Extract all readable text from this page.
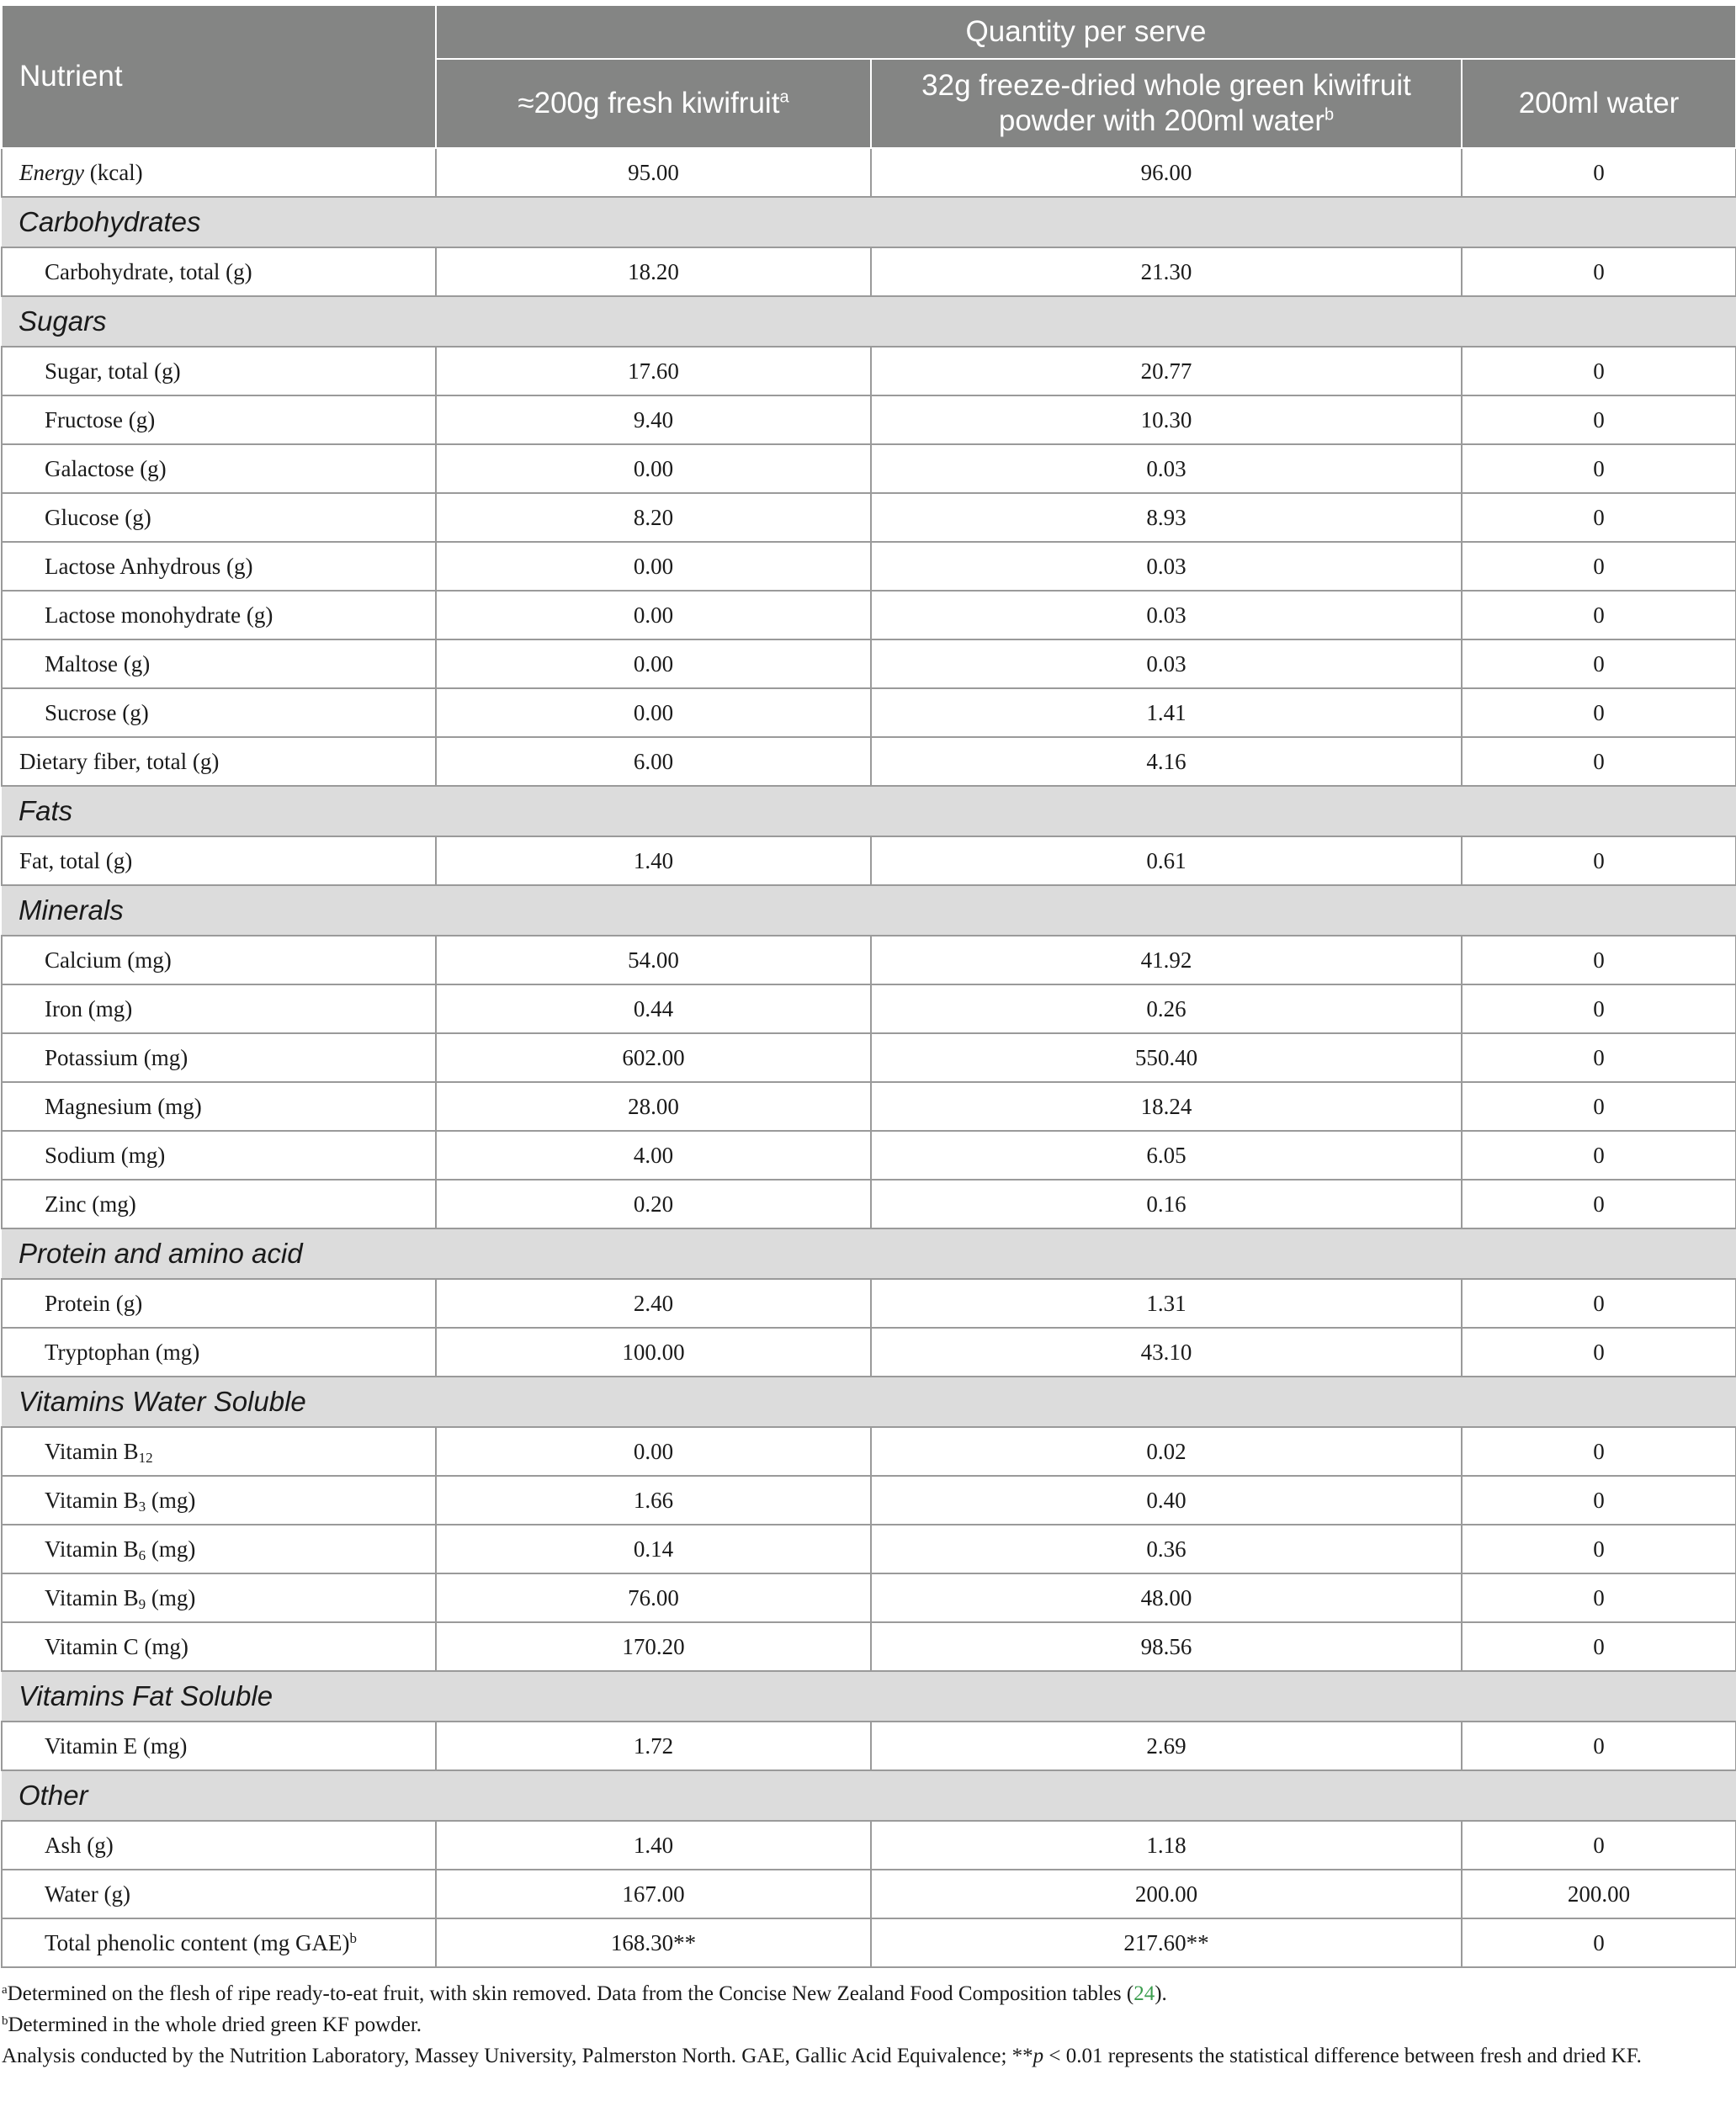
Nutrient	Quantity per serve		
	≈200g fresh kiwifruit$^a$	32g freeze-dried whole green kiwifruit powder with 200ml water$^b$	200ml water
Energy (kcal)	95.00	96.00	0
Carbohydrates			
Carbohydrate, total (g)	18.20	21.30	0
Sugars			
Sugar, total (g)	17.60	20.77	0
Fructose (g)	9.40	10.30	0
Galactose (g)	0.00	0.03	0
Glucose (g)	8.20	8.93	0
Lactose Anhydrous (g)	0.00	0.03	0
Lactose monohydrate (g)	0.00	0.03	0
Maltose (g)	0.00	0.03	0
Sucrose (g)	0.00	1.41	0
Dietary fiber, total (g)	6.00	4.16	0
Fats			
Fat, total (g)	1.40	0.61	0
Minerals			
Calcium (mg)	54.00	41.92	0
Iron (mg)	0.44	0.26	0
Potassium (mg)	602.00	550.40	0
Magnesium (mg)	28.00	18.24	0
Sodium (mg)	4.00	6.05	0
Zinc (mg)	0.20	0.16	0
Protein and amino acid			
Protein (g)	2.40	1.31	0
Tryptophan (mg)	100.00	43.10	0
Vitamins Water Soluble			
Vitamin $B_{12}$	0.00	0.02	0
Vitamin $B_3$ (mg)	1.66	0.40	0
Vitamin $B_6$ (mg)	0.14	0.36	0
Vitamin $B_9$ (mg)	76.00	48.00	0
Vitamin C (mg)	170.20	98.56	0
Vitamins Fat Soluble			
Vitamin E (mg)	1.72	2.69	0
Other			
Ash (g)	1.40	1.18	0
Water (g)	167.00	200.00	200.00
Total phenolic content (mg GAE)$^b$	168.30**	217.60**	0

$^a$Determined on the flesh of ripe ready-to-eat fruit, with skin removed. Data from the Concise New Zealand Food Composition tables (24).

$^b$Determined in the whole dried green KF powder.

Analysis conducted by the Nutrition Laboratory, Massey University, Palmerston North. GAE, Gallic Acid Equivalence; **p < 0.01 represents the statistical difference between fresh and dried KF.
